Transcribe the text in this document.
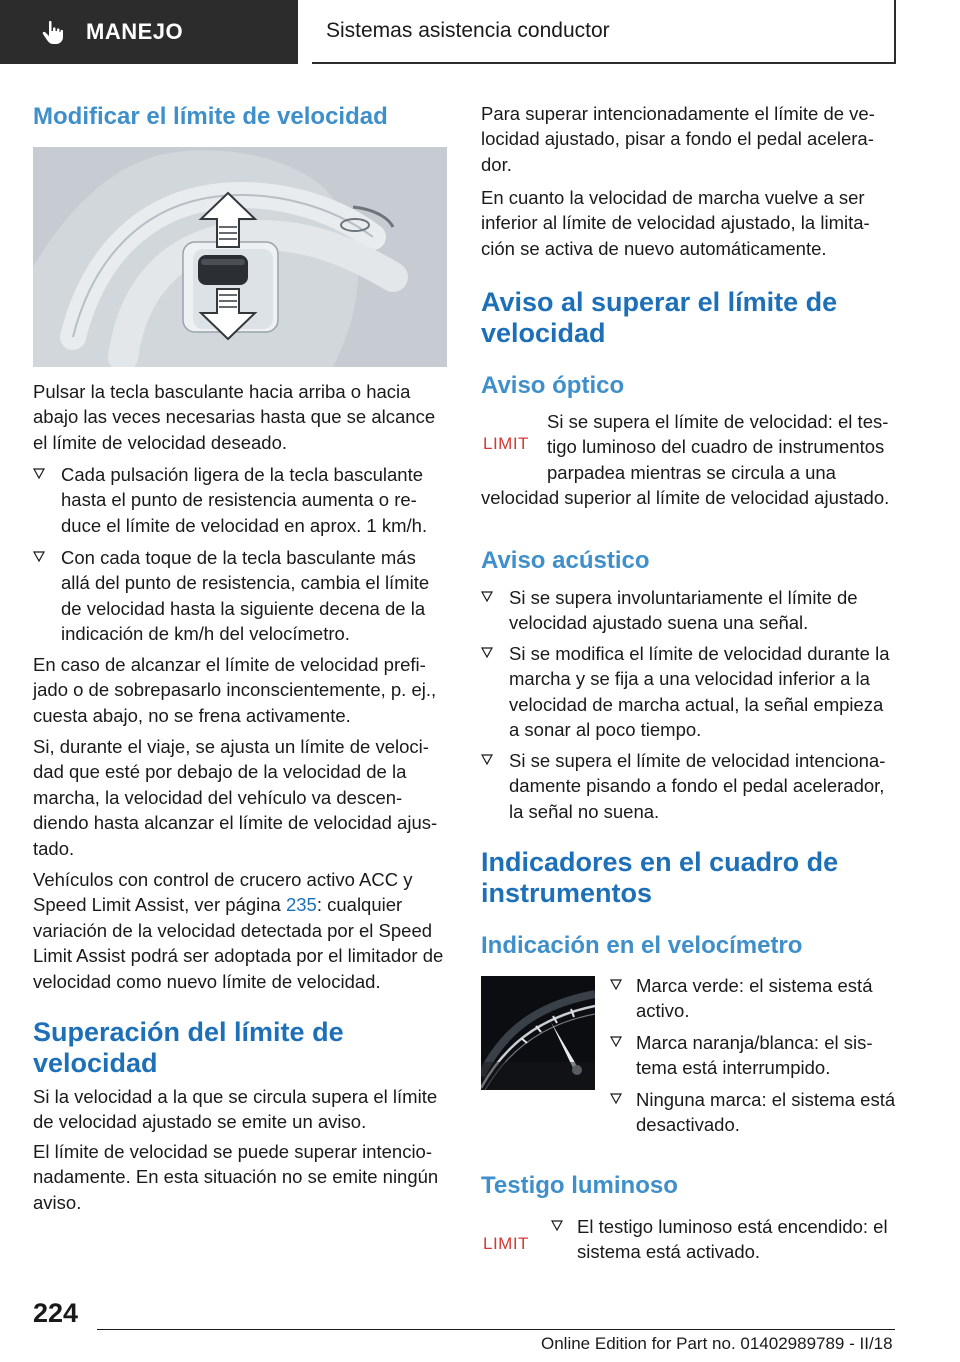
MANEJO	Sistemas asistencia conductor
Modificar el límite de velocidad

Pulsar la tecla basculante hacia arriba o hacia abajo las veces necesarias hasta que se alcance el límite de velocidad deseado.

Cada pulsación ligera de la tecla basculante hasta el punto de resistencia aumenta o reduce el límite de velocidad en aprox. 1 km/h.
Con cada toque de la tecla basculante más allá del punto de resistencia, cambia el límite de velocidad hasta la siguiente decena de la indicación de km/h del velocímetro.

En caso de alcanzar el límite de velocidad prefijado o de sobrepasarlo inconscientemente, p. ej., cuesta abajo, no se frena activamente.

Si, durante el viaje, se ajusta un límite de velocidad que esté por debajo de la velocidad de la marcha, la velocidad del vehículo va descendiendo hasta alcanzar el límite de velocidad ajustado.

Vehículos con control de crucero activo ACC y Speed Limit Assist, ver página 235: cualquier variación de la velocidad detectada por el Speed Limit Assist podrá ser adoptada por el limitador de velocidad como nuevo límite de velocidad.

Superación del límite de velocidad

Si la velocidad a la que se circula supera el límite de velocidad ajustado se emite un aviso.

El límite de velocidad se puede superar intencionadamente. En esta situación no se emite ningún aviso.

Para superar intencionadamente el límite de velocidad ajustado, pisar a fondo el pedal acelerador.

En cuanto la velocidad de marcha vuelve a ser inferior al límite de velocidad ajustado, la limitación se activa de nuevo automáticamente.

Aviso al superar el límite de velocidad
Aviso óptico
LIMIT
Si se supera el límite de velocidad: el testigo luminoso del cuadro de instrumentos parpadea mientras se circula a una velocidad superior al límite de velocidad ajustado.
Aviso acústico
Si se supera involuntariamente el límite de velocidad ajustado suena una señal.
Si se modifica el límite de velocidad durante la marcha y se fija a una velocidad inferior a la velocidad de marcha actual, la señal empieza a sonar al poco tiempo.
Si se supera el límite de velocidad intencionadamente pisando a fondo el pedal acelerador, la señal no suena.
Indicadores en el cuadro de instrumentos
Indicación en el velocímetro
Marca verde: el sistema está activo.
Marca naranja/blanca: el sistema está interrumpido.
Ninguna marca: el sistema está desactivado.
Testigo luminoso
LIMIT
El testigo luminoso está encendido: el sistema está activado.
224
Online Edition for Part no. 01402989789 - II/18
